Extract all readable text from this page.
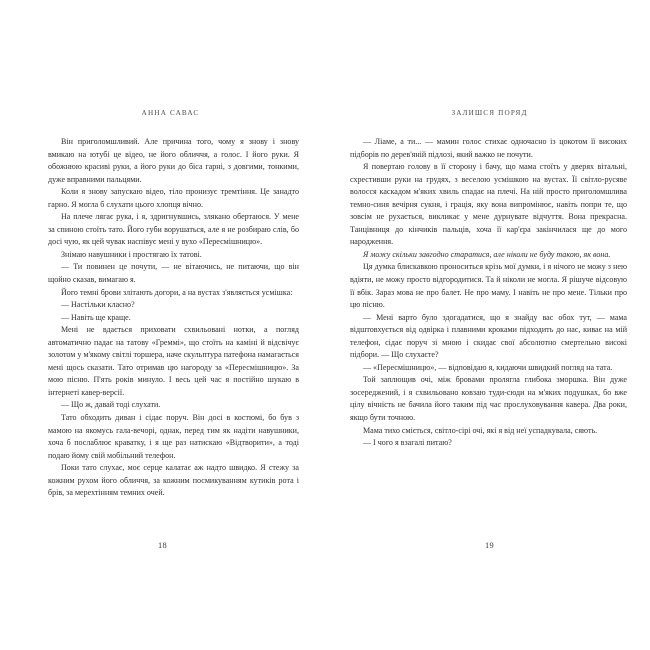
АННА САВАС

Він приголомшливий. Але причина того, чому я знову і знову вмикаю на ютубі це відео, не його обличчя, а голос. І його руки. Я обожнюю красиві руки, а його руки до біса гарні, з довгими, тонкими, дуже вправними пальцями.

Коли я знову запускаю відео, тіло пронизує тремтіння. Це занадто гарно. Я могла б слухати цього хлопця вічно.

На плече лягає рука, і я, здригнувшись, злякано обертаюся. У мене за спиною стоїть тато. Його губи ворушаться, але я не розбираю слів, бо досі чую, як цей чувак наспівує мені у вухо «Пересмішницю».

Знімаю навушники і простягаю їх татові.

— Ти повинен це почути, — не вітаючись, не питаючи, що він щойно сказав, вимагаю я.

Його темні брови злітають догори, а на вустах з'являється усмішка:

— Настільки класно?

— Навіть ще краще.

Мені не вдається приховати схвильовані нотки, а погляд автоматично падає на татову «Греммі», що стоїть на каміні й відсвічує золотом у м'якому світлі торшера, наче скульптура патефона намагається мені щось сказати. Тато отримав цю нагороду за «Пересмішницю». За мою пісню. П'ять років минуло. І весь цей час я постійно шукаю в інтернеті кавер-версії.

— Що ж, давай тоді слухати.

Тато обходить диван і сідає поруч. Він досі в костюмі, бо був з мамою на якомусь гала-вечорі, однак, перед тим як надіти навушники, хоча б послаблює краватку, і я ще раз натискаю «Відтворити», а тоді подаю йому свій мобільний телефон.

Поки тато слухає, моє серце калатає аж надто швидко. Я стежу за кожним рухом його обличчя, за кожним посмикуванням кутиків рота і брів, за мерехтінням темних очей.

18
ЗАЛИШСЯ ПОРЯД

— Ліаме, а ти... — мамин голос стихає одночасно із цокотом її високих підборів по дерев'яній підлозі, який важко не почути.

Я повертаю голову в її сторону і бачу, що мама стоїть у дверях вітальні, схрестивши руки на грудях, з веселою усмішкою на вустах. Її світло-русяве волосся каскадом м'яких хвиль спадає на плечі. На ній просто приголомшлива темно-синя вечірня сукня, і грація, яку вона випромінює, навіть попри те, що зовсім не рухається, викликає у мене дурнувате відчуття. Вона прекрасна. Танцівниця до кінчиків пальців, хоча її кар'єра закінчилася ще до мого народження.

Я можу скільки завгодно старатися, але ніколи не буду такою, як вона.

Ця думка блискавкою проноситься крізь мої думки, і я нічого не можу з нею вдіяти, не можу просто відгородитися. Та й ніколи не могла. Я рішуче відсовую її вбік. Зараз мова не про балет. Не про маму. І навіть не про мене. Тільки про цю пісню.

— Мені варто було здогадатися, що я знайду вас обох тут, — мама відштовхується від одвірка і плавними кроками підходить до нас, киває на мій телефон, сідає поруч зі мною і скидає свої абсолютно смертельно високі підбори. — Що слухаєте?

— «Пересмішницю», — відповідаю я, кидаючи швидкий погляд на тата.

Той заплющив очі, між бровами пролягла глибока зморшка. Він дуже зосереджений, і я схвильовано ковзаю туди-сюди на м'яких подушках, бо вже цілу вічність не бачила його таким під час прослуховування кавера. Два роки, якщо бути точною.

Мама тихо сміється, світло-сірі очі, які я від неї успадкувала, сяють.

— І чого я взагалі питаю?

19
